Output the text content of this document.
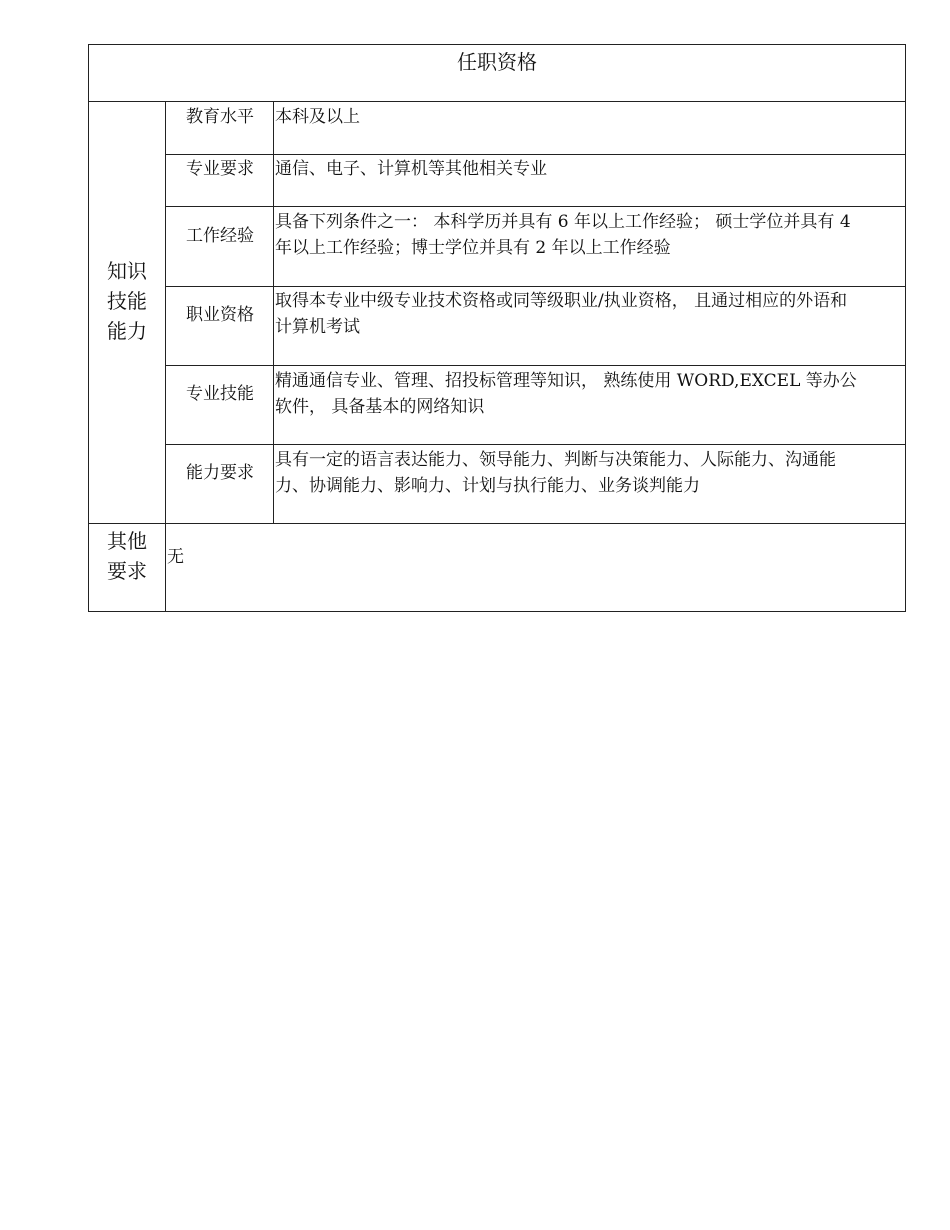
任职资格
知识
技能
能力
教育水平	本科及以上
专业要求	通信、电子、计算机等其他相关专业
工作经验
具备下列条件之一： 本科学历并具有 6 年以上工作经验； 硕士学位并具有 4
年以上工作经验；博士学位并具有 2 年以上工作经验
职业资格
取得本专业中级专业技术资格或同等级职业/执业资格， 且通过相应的外语和
计算机考试
专业技能
精通通信专业、管理、招投标管理等知识， 熟练使用 WORD,EXCEL 等办公
软件， 具备基本的网络知识
能力要求
具有一定的语言表达能力、领导能力、判断与决策能力、人际能力、沟通能
力、协调能力、影响力、计划与执行能力、业务谈判能力
其他
要求
无
